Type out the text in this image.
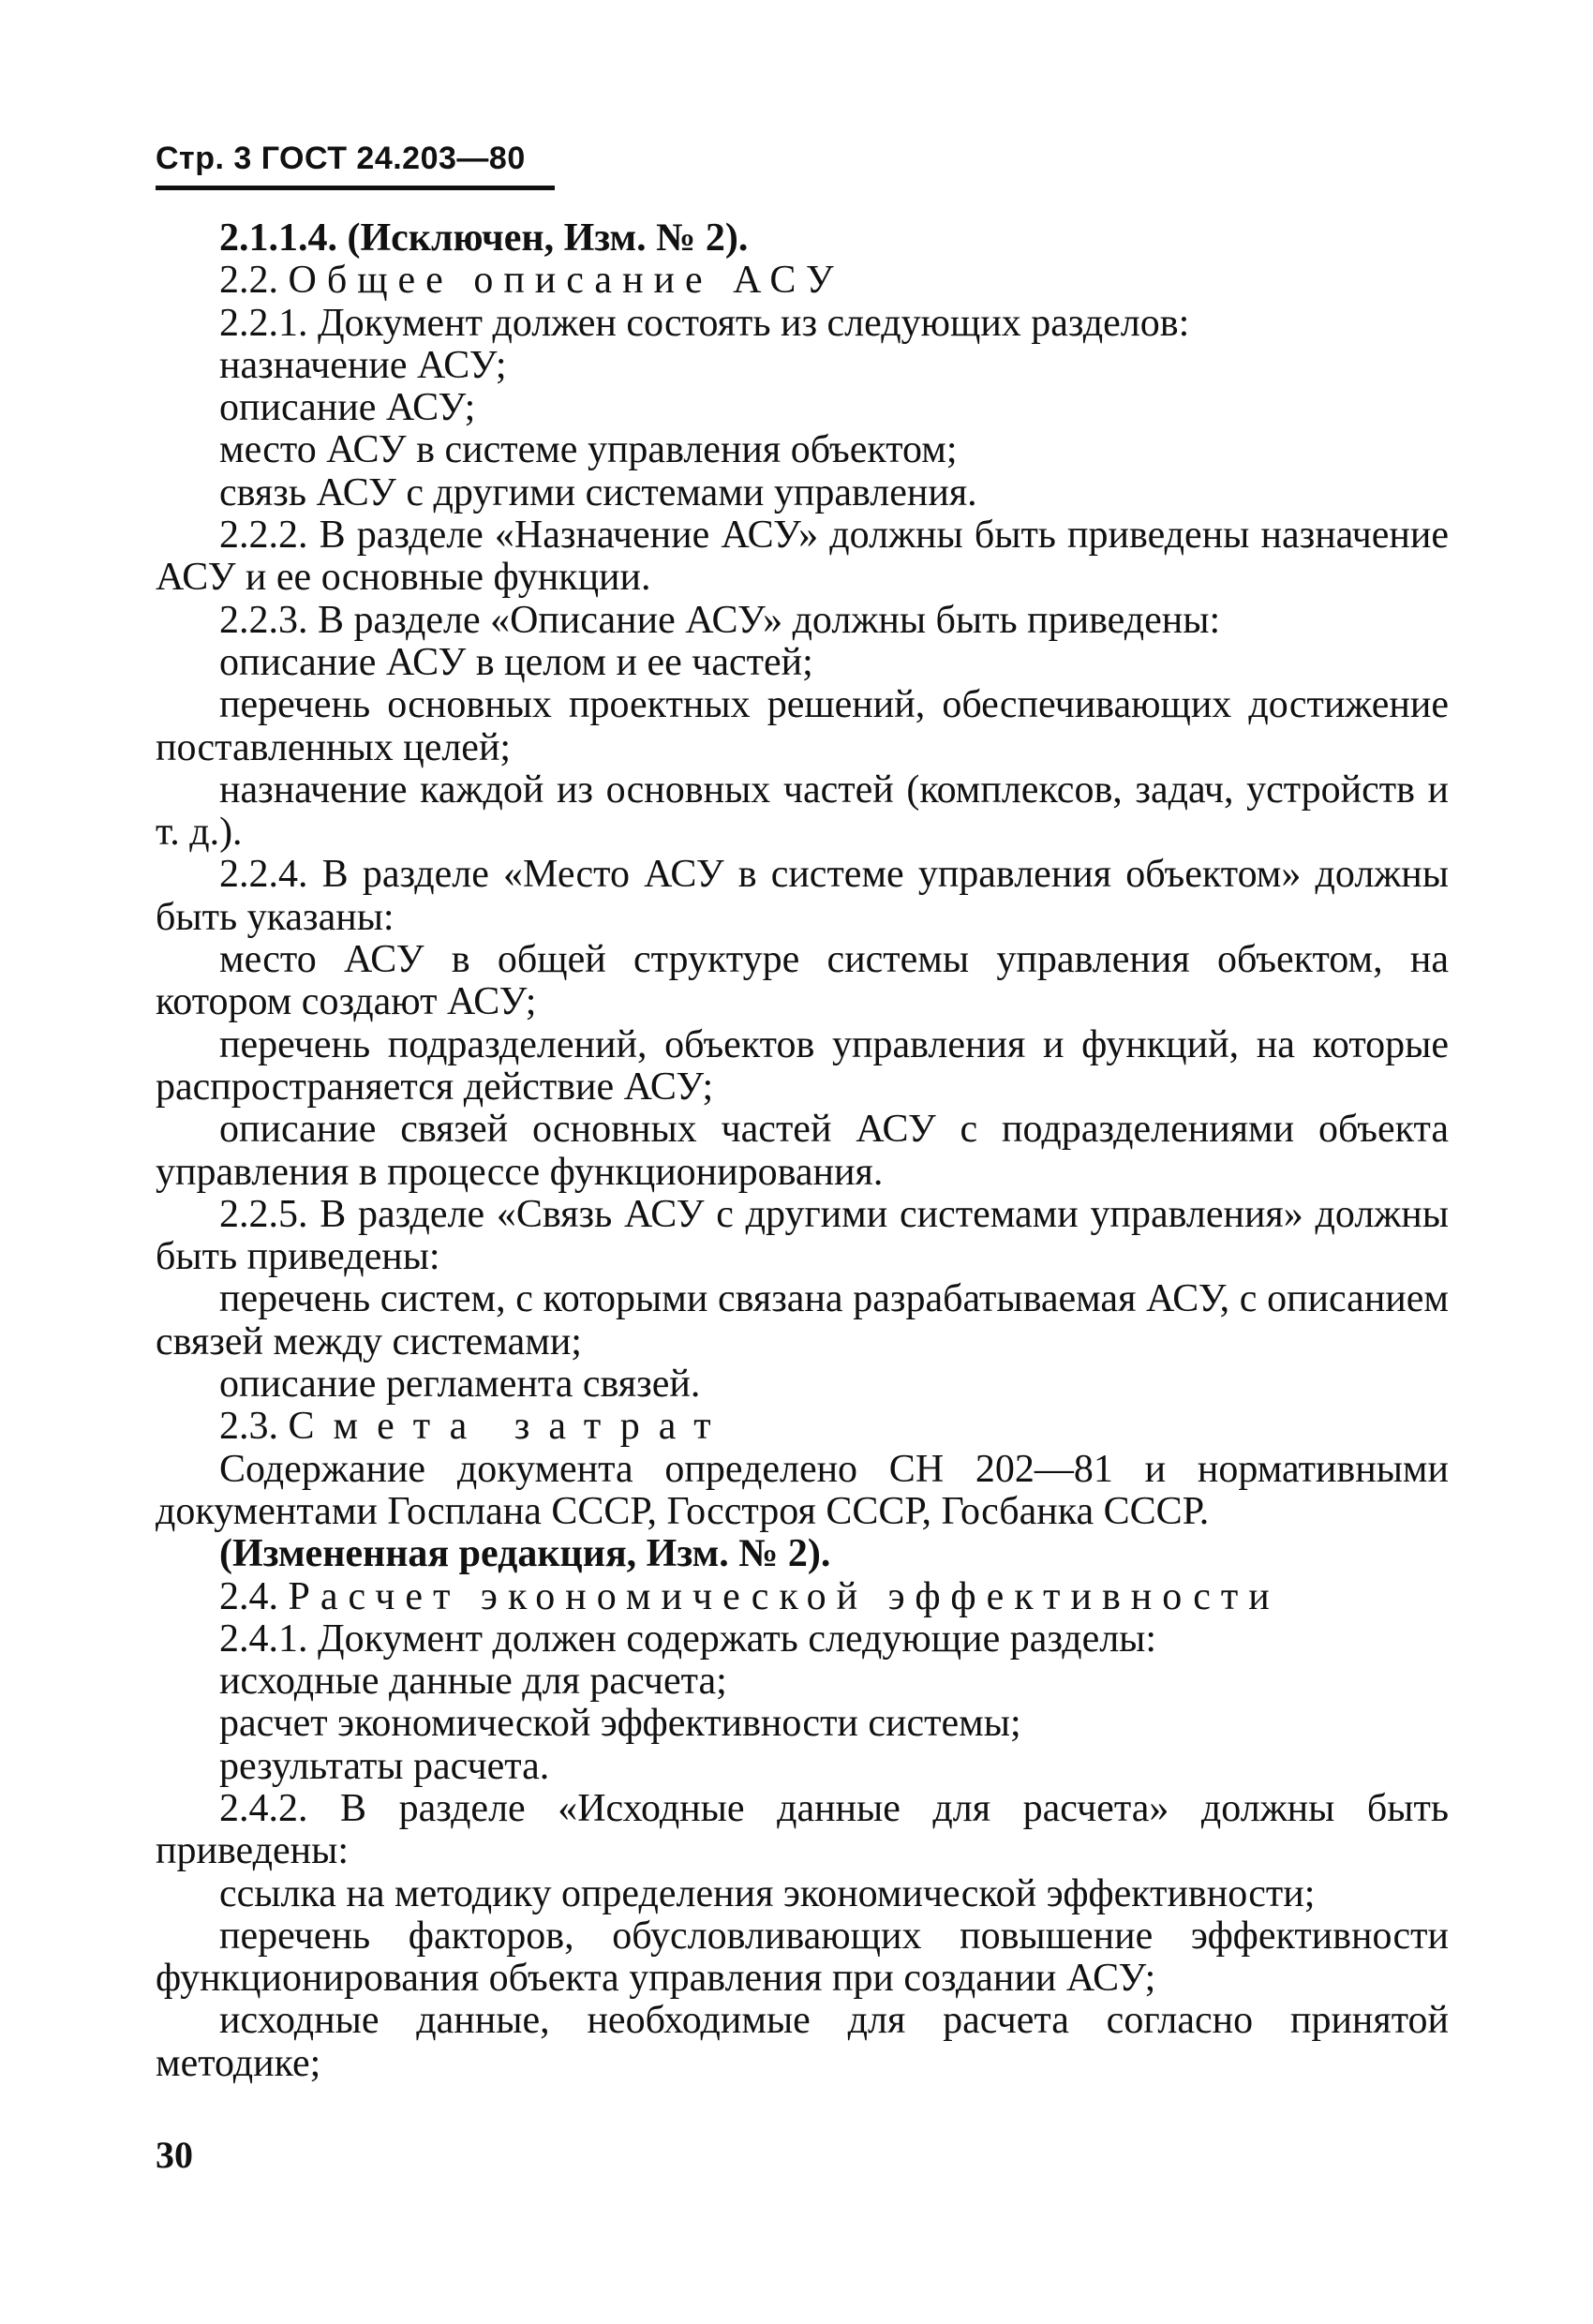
Стр. 3 ГОСТ 24.203—80

2.1.1.4. (Исключен, Изм. № 2).

2.2. Общее описание АСУ

2.2.1. Документ должен состоять из следующих разделов:

назначение АСУ;

описание АСУ;

место АСУ в системе управления объектом;

связь АСУ с другими системами управления.

2.2.2. В разделе «Назначение АСУ» должны быть приведены назначение АСУ и ее основные функции.

2.2.3. В разделе «Описание АСУ» должны быть приведены:

описание АСУ в целом и ее частей;

перечень основных проектных решений, обеспечивающих достижение поставленных целей;

назначение каждой из основных частей (комплексов, задач, устройств и т. д.).

2.2.4. В разделе «Место АСУ в системе управления объектом» должны быть указаны:

место АСУ в общей структуре системы управления объектом, на котором создают АСУ;

перечень подразделений, объектов управления и функций, на которые распространяется действие АСУ;

описание связей основных частей АСУ с подразделениями объекта управления в процессе функционирования.

2.2.5. В разделе «Связь АСУ с другими системами управления» должны быть приведены:

перечень систем, с которыми связана разрабатываемая АСУ, с описанием связей между системами;

описание регламента связей.

2.3. Смета затрат

Содержание документа определено СН 202—81 и нормативными документами Госплана СССР, Госстроя СССР, Госбанка СССР.

(Измененная редакция, Изм. № 2).

2.4. Расчет экономической эффективности

2.4.1. Документ должен содержать следующие разделы:

исходные данные для расчета;

расчет экономической эффективности системы;

результаты расчета.

2.4.2. В разделе «Исходные данные для расчета» должны быть приведены:

ссылка на методику определения экономической эффективности;

перечень факторов, обусловливающих повышение эффективности функционирования объекта управления при создании АСУ;

исходные данные, необходимые для расчета согласно принятой методике;

30
